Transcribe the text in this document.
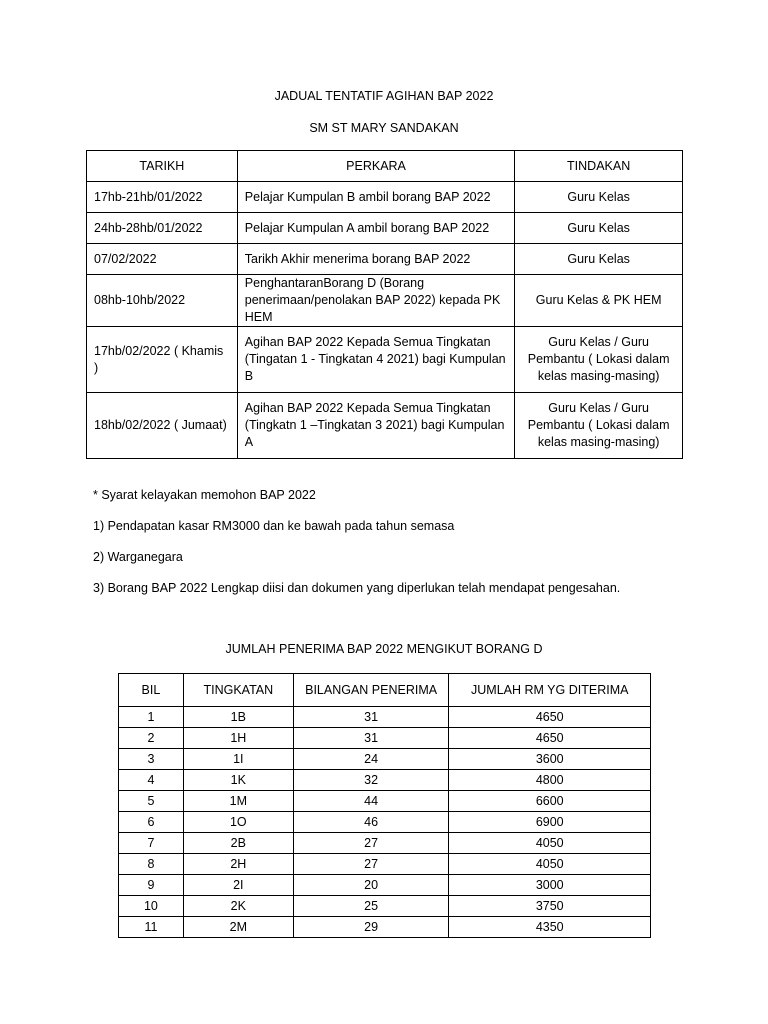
JADUAL TENTATIF AGIHAN BAP 2022
SM ST MARY SANDAKAN
TARIKH	PERKARA	TINDAKAN
17hb-21hb/01/2022	Pelajar Kumpulan B ambil borang BAP 2022	Guru Kelas
24hb-28hb/01/2022	Pelajar Kumpulan A ambil borang BAP 2022	Guru Kelas
07/02/2022	Tarikh Akhir menerima borang BAP 2022	Guru Kelas
08hb-10hb/2022	PenghantaranBorang D (Borang penerimaan/penolakan BAP 2022) kepada PK HEM	Guru Kelas & PK HEM
17hb/02/2022 ( Khamis )	Agihan BAP 2022 Kepada Semua Tingkatan (Tingatan 1 - Tingkatan 4 2021) bagi Kumpulan B	Guru Kelas / Guru Pembantu ( Lokasi dalam kelas masing-masing)
18hb/02/2022 ( Jumaat)	Agihan BAP 2022 Kepada Semua Tingkatan (Tingkatn 1 –Tingkatan 3 2021) bagi Kumpulan A	Guru Kelas / Guru Pembantu ( Lokasi dalam kelas masing-masing)
* Syarat kelayakan memohon BAP 2022
1) Pendapatan kasar RM3000 dan ke bawah pada tahun semasa
2) Warganegara
3) Borang BAP 2022 Lengkap diisi dan dokumen yang diperlukan telah mendapat pengesahan.
JUMLAH PENERIMA BAP 2022 MENGIKUT BORANG D
BIL	TINGKATAN	BILANGAN PENERIMA	JUMLAH RM YG DITERIMA
1	1B	31	4650
2	1H	31	4650
3	1I	24	3600
4	1K	32	4800
5	1M	44	6600
6	1O	46	6900
7	2B	27	4050
8	2H	27	4050
9	2I	20	3000
10	2K	25	3750
11	2M	29	4350
